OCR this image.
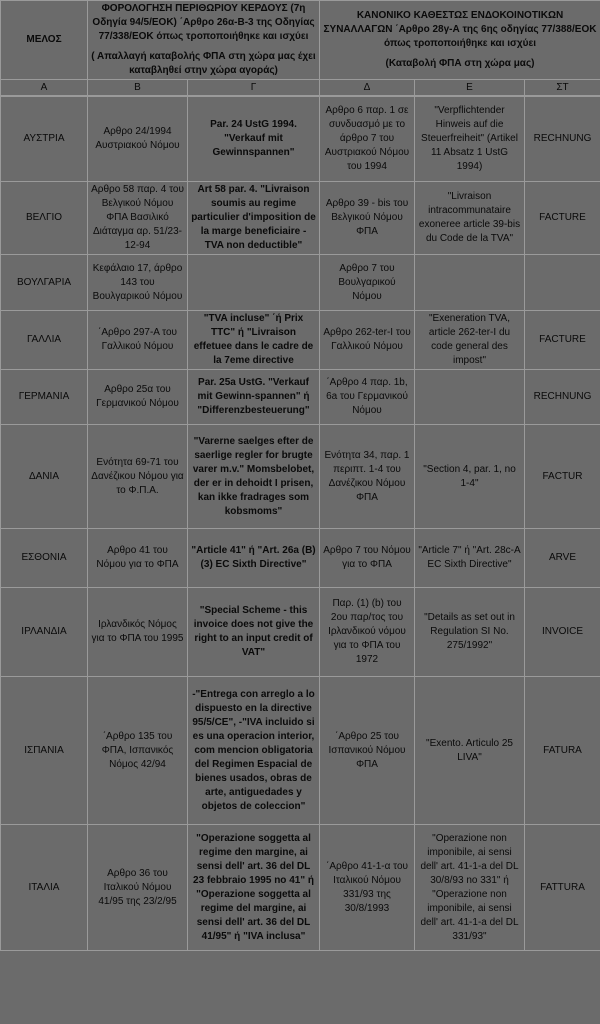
ΜΕΛΟΣ	ΦΟΡΟΛΟΓΗΣΗ ΠΕΡΙΘΩΡΙΟΥ ΚΕΡΔΟΥΣ (7η Οδηγία 94/5/ΕΟΚ) ΄Αρθρο 26α-Β-3 της Οδηγίας 77/338/ΕΟΚ όπως τροποποιήθηκε και ισχύει
( Απαλλαγή καταβολής ΦΠΑ στη χώρα μας έχει καταβληθεί στην χώρα αγοράς)		ΚΑΝΟΝΙΚΟ ΚΑΘΕΣΤΩΣ ΕΝΔΟΚΟΙΝΟΤΙΚΩΝ ΣΥΝΑΛΛΑΓΩΝ ΄Αρθρο 28γ-Α της 6ης οδηγίας 77/388/ΕΟΚ όπως τροποποιήθηκε και ισχύει
(Καταβολή ΦΠΑ στη χώρα μας)		

Α	Β	Γ	Δ	Ε	ΣΤ
ΑΥΣΤΡΙΑ	Αρθρο 24/1994 Αυστριακού Νόμου	Par. 24 UstG 1994. "Verkauf mit Gewinnspannen"	Αρθρο 6 παρ. 1 σε συνδυασμό με το άρθρο 7 του Αυστριακού Νόμου του 1994	"Verpflichtender Hinweis auf die Steuerfreiheit" (Artikel 11 Absatz 1 UstG 1994)	RECHNUNG
ΒΕΛΓΙΟ	Αρθρο 58 παρ. 4 του Βελγικού Νόμου ΦΠΑ Βασιλικό Διάταγμα αρ. 51/23-12-94	Art 58 par. 4. "Livraison soumis au regime particulier d'imposition de la marge beneficiaire - TVA non deductible"	Αρθρο 39 - bis του Βελγικού Νόμου ΦΠΑ	"Livraison intracommunataire exoneree article 39-bis du Code de la TVA"	FACTURE
ΒΟΥΛΓΑΡΙΑ	Κεφάλαιο 17, άρθρο 143 του Βουλγαρικού Νόμου		Αρθρο 7 του Βουλγαρικού Νόμου		
ΓΑΛΛΙΑ	΄Αρθρο 297-Α του Γαλλικού Νόμου	"TVA incluse" ΄ή Prix TTC" ή "Livraison effetuee dans le cadre de la 7eme directive	Αρθρο 262-ter-I του Γαλλικού Νόμου	"Exeneration TVA, article 262-ter-I du code general des impost"	FACTURE
ΓΕΡΜΑΝΙΑ	Αρθρο 25α του Γερμανικού Νόμου	Par. 25a UstG. "Verkauf mit Gewinn-spannen" ή "Differenzbesteuerung"	΄Αρθρο 4 παρ. 1b, 6a του Γερμανικού Νόμου		RECHNUNG
ΔΑΝΙΑ	Ενότητα 69-71 του Δανέζικου Νόμου για το Φ.Π.Α.	"Varerne saelges efter de saerlige regler for brugte varer m.v." Momsbelobet, der er in dehoidt I prisen, kan ikke fradrages som kobsmoms"	Ενότητα 34, παρ. 1 περιπτ. 1-4 του Δανέζικου Νόμου ΦΠΑ	"Section 4, par. 1, no 1-4"	FACTUR
ΕΣΘΟΝΙΑ	Αρθρο 41 του Νόμου για το ΦΠΑ	"Article 41" ή "Art. 26a (B) (3) EC Sixth Directive"	Αρθρο 7 του Νόμου για το ΦΠΑ	"Article 7" ή "Art. 28c-A EC Sixth Directive"	ARVE
ΙΡΛΑΝΔΙΑ	Ιρλανδικός Νόμος για το ΦΠΑ του 1995	"Special Scheme - this invoice does not give the right to an input credit of VAT"	Παρ. (1) (b) του 2ου παρ/τος του Ιρλανδικού νόμου για το ΦΠΑ του 1972	"Details as set out in Regulation SI No. 275/1992"	INVOICE
ΙΣΠΑΝΙΑ	΄Αρθρο 135 του ΦΠΑ, Ισπανικός Νόμος 42/94	-"Entrega con arreglo a lo dispuesto en la directive 95/5/CE", -"IVA incluido si es una operacion interior, com mencion obligatoria del Regimen Espacial de bienes usados, obras de arte, antiguedades y objetos de coleccion"	΄Αρθρο 25 του Ισπανικού Νόμου ΦΠΑ	"Exento. Articulo 25 LIVA"	FATURA
ΙΤΑΛΙΑ	Αρθρο 36 του Ιταλικού Νόμου 41/95 της 23/2/95	"Operazione soggetta al regime den margine, ai sensi dell' art. 36 del DL 23 febbraio 1995 no 41" ή "Operazione soggetta al regime del margine, ai sensi dell' art. 36 del DL 41/95" ή "IVA inclusa"	΄Αρθρο 41-1-α του Ιταλικού Νόμου 331/93 της 30/8/1993	"Operazione non imponibile, ai sensi dell' art. 41-1-a del DL 30/8/93 no 331" ή "Operazione non imponibile, ai sensi dell' art. 41-1-a del DL 331/93"	FATTURA
